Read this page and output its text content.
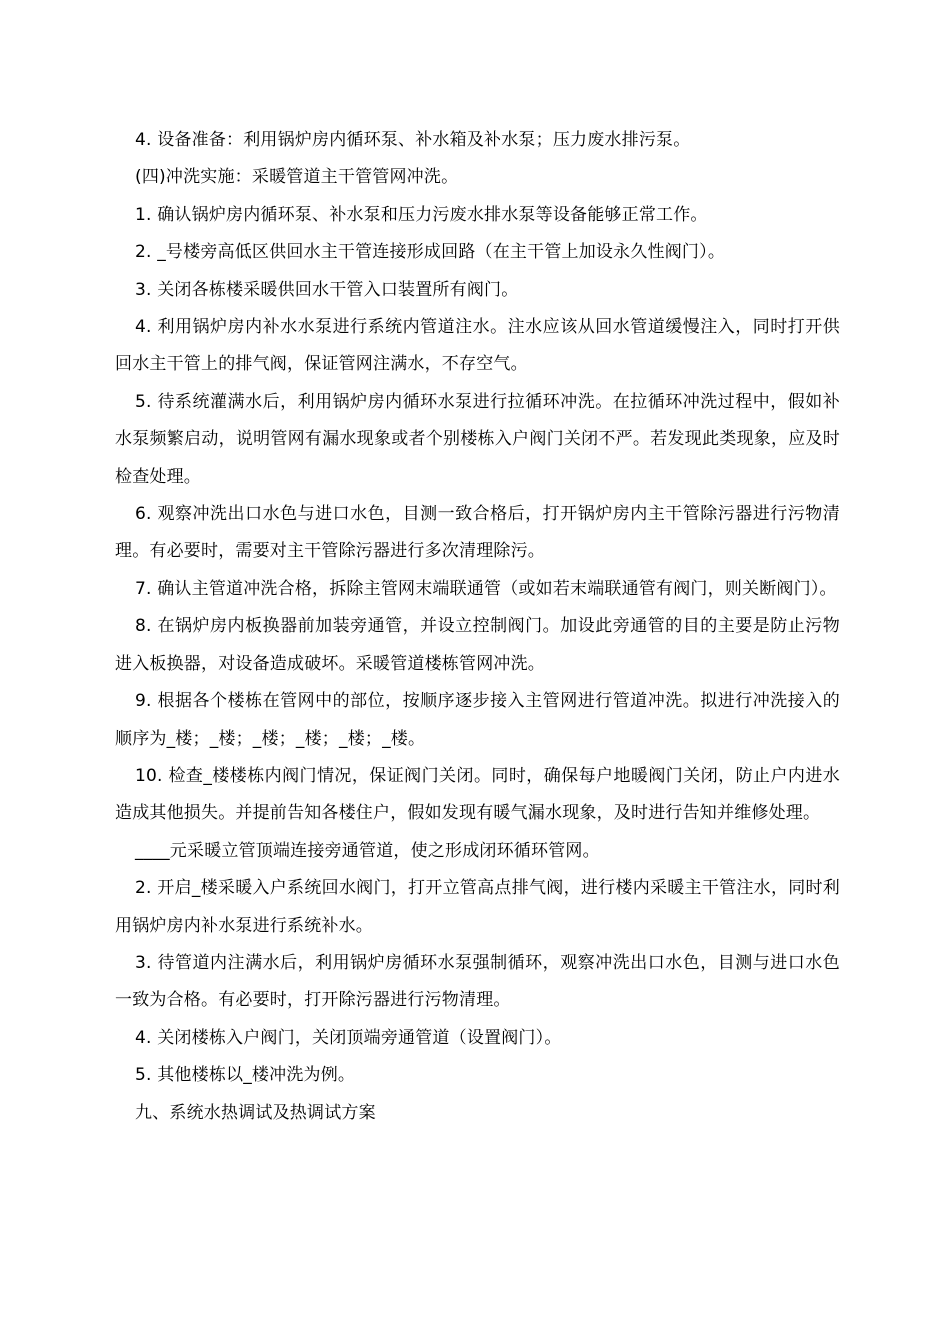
4. 设备准备：利用锅炉房内循环泵、补水箱及补水泵；压力废水排污泵。

(四)冲洗实施：采暖管道主干管管网冲洗。

1. 确认锅炉房内循环泵、补水泵和压力污废水排水泵等设备能够正常工作。

2. _号楼旁高低区供回水主干管连接形成回路（在主干管上加设永久性阀门）。

3. 关闭各栋楼采暖供回水干管入口装置所有阀门。

4. 利用锅炉房内补水水泵进行系统内管道注水。注水应该从回水管道缓慢注入，同时打开供回水主干管上的排气阀，保证管网注满水，不存空气。

5. 待系统灌满水后，利用锅炉房内循环水泵进行拉循环冲洗。在拉循环冲洗过程中，假如补水泵频繁启动，说明管网有漏水现象或者个别楼栋入户阀门关闭不严。若发现此类现象，应及时检查处理。

6. 观察冲洗出口水色与进口水色，目测一致合格后，打开锅炉房内主干管除污器进行污物清理。有必要时，需要对主干管除污器进行多次清理除污。

7. 确认主管道冲洗合格，拆除主管网末端联通管（或如若末端联通管有阀门，则关断阀门）。

8. 在锅炉房内板换器前加装旁通管，并设立控制阀门。加设此旁通管的目的主要是防止污物进入板换器，对设备造成破坏。采暖管道楼栋管网冲洗。

9. 根据各个楼栋在管网中的部位，按顺序逐步接入主管网进行管道冲洗。拟进行冲洗接入的顺序为_楼；_楼；_楼；_楼；_楼；_楼。

10. 检查_楼楼栋内阀门情况，保证阀门关闭。同时，确保每户地暖阀门关闭，防止户内进水造成其他损失。并提前告知各楼住户，假如发现有暖气漏水现象，及时进行告知并维修处理。

____元采暖立管顶端连接旁通管道，使之形成闭环循环管网。

2. 开启_楼采暖入户系统回水阀门，打开立管高点排气阀，进行楼内采暖主干管注水，同时利用锅炉房内补水泵进行系统补水。

3. 待管道内注满水后，利用锅炉房循环水泵强制循环，观察冲洗出口水色，目测与进口水色一致为合格。有必要时，打开除污器进行污物清理。

4. 关闭楼栋入户阀门，关闭顶端旁通管道（设置阀门）。

5. 其他楼栋以_楼冲洗为例。

九、系统水热调试及热调试方案
